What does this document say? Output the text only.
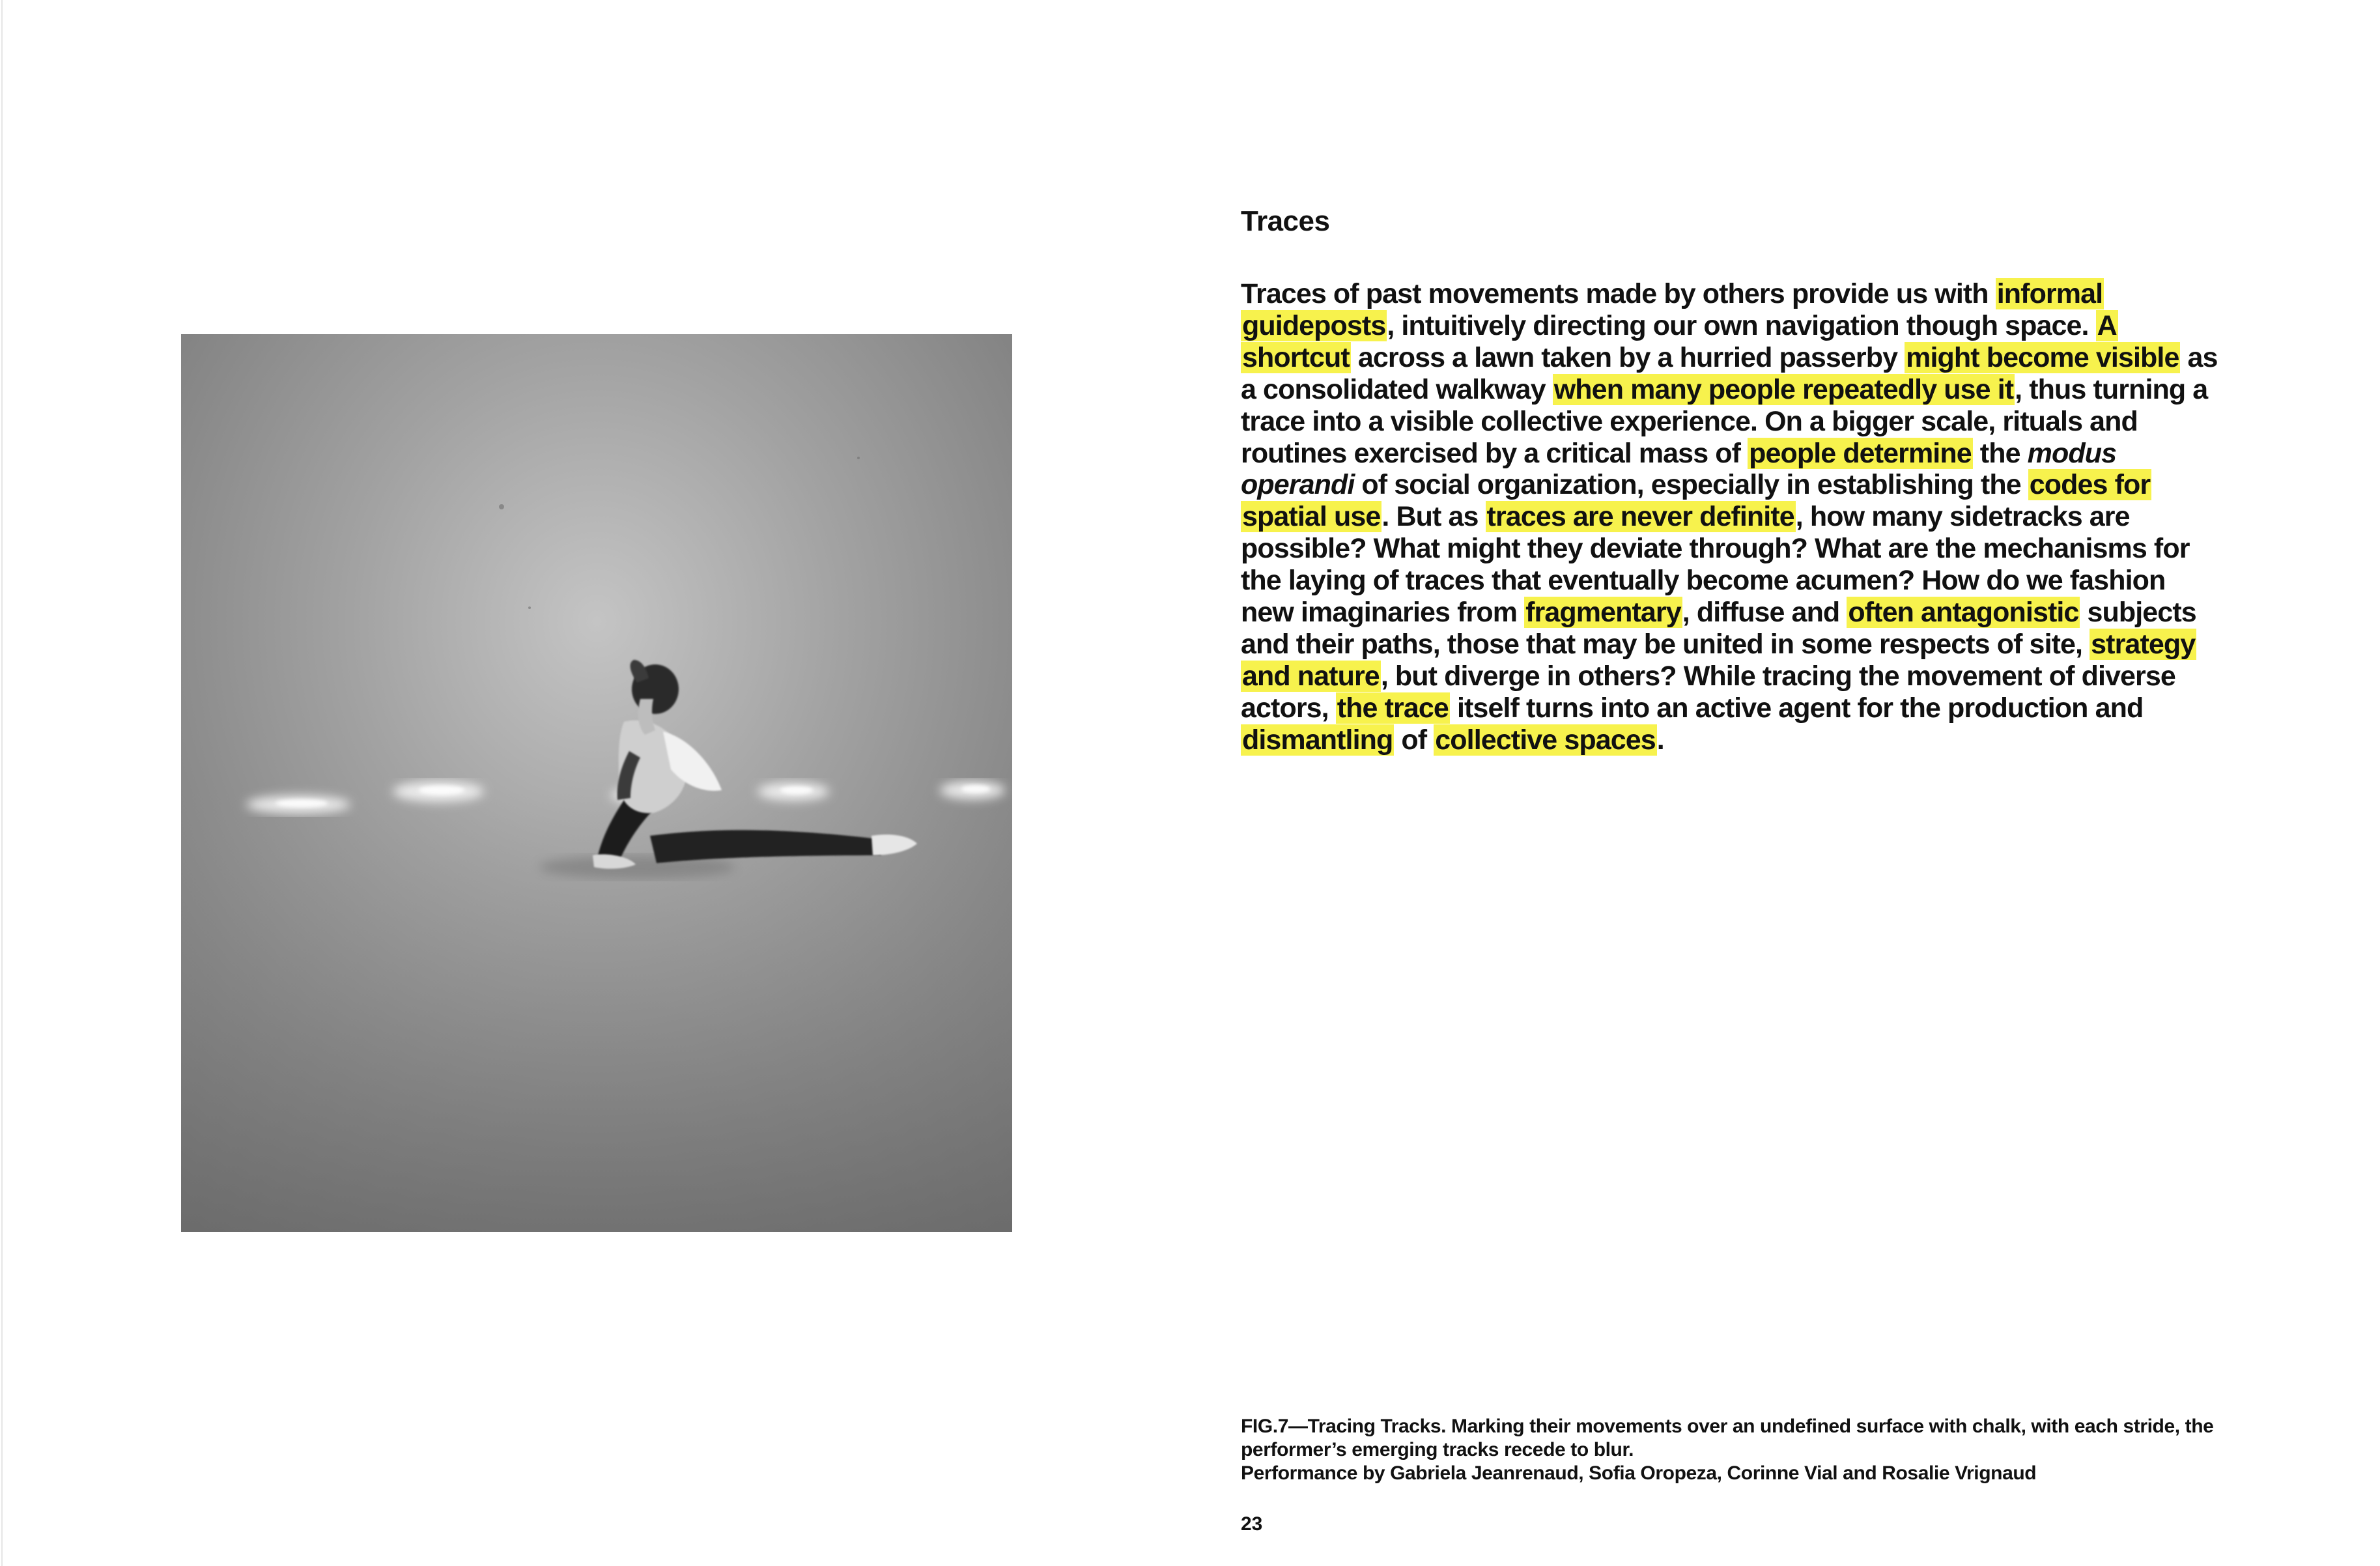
Traces

Traces of past movements made by others provide us with informal guideposts, intuitively directing our own navigation though space. A shortcut across a lawn taken by a hurried passerby might become visible as a consolidated walkway when many people repeatedly use it, thus turning a trace into a visible collective experience. On a bigger scale, rituals and routines exercised by a critical mass of people determine the modus operandi of social organization, especially in establishing the codes for spatial use. But as traces are never definite, how many sidetracks are possible? What might they deviate through? What are the mechanisms for the laying of traces that eventually become acumen? How do we fashion new imaginaries from fragmentary, diffuse and often antagonistic subjects and their paths, those that may be united in some respects of site, strategy and nature, but diverge in others? While tracing the movement of diverse actors, the trace itself turns into an active agent for the production and dismantling of collective spaces.

FIG.7—Tracing Tracks. Marking their movements over an undefined surface with chalk, with each stride, the performer’s emerging tracks recede to blur.

Performance by Gabriela Jeanrenaud, Sofia Oropeza, Corinne Vial and Rosalie Vrignaud

23
